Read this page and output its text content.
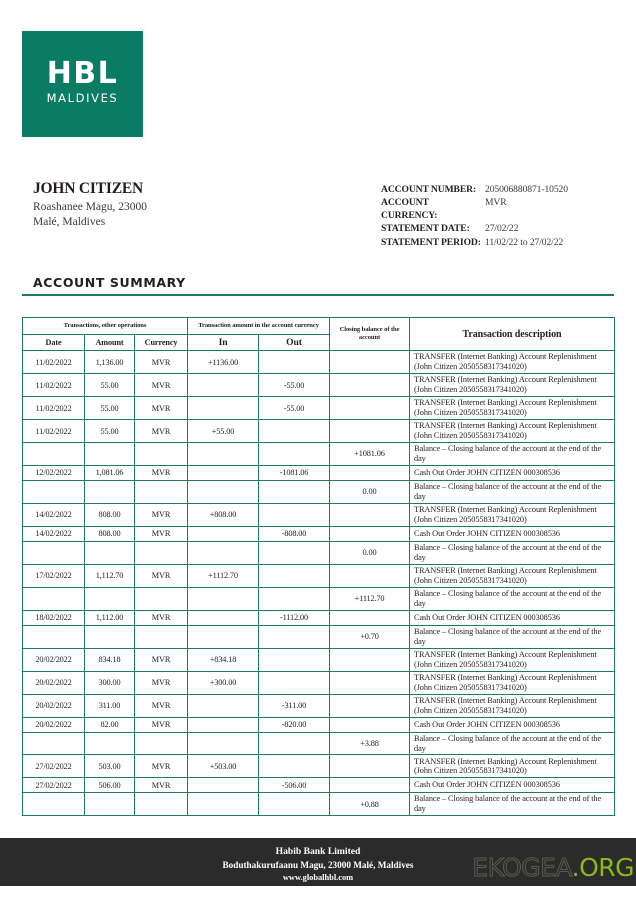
HBL
MALDIVES
JOHN CITIZEN
Roashanee Magu, 23000
Malé, Maldives
ACCOUNT NUMBER: 205006880871-10520
ACCOUNT CURRENCY:
MVR
STATEMENT DATE:	27/02/22
STATEMENT PERIOD: 11/02/22 to 27/02/22
ACCOUNT SUMMARY
Transactions, other operations			Transaction amount in the account currency		Closing balance of the account	Transaction description
Date	Amount	Currency	In	Out		
11/02/2022	1,136.00	MVR	+1136.00			TRANSFER (Internet Banking) Account Replenishment (John Citizen 2050558317341020)
11/02/2022	55.00	MVR		-55.00		TRANSFER (Internet Banking) Account Replenishment (John Citizen 2050558317341020)
11/02/2022	55.00	MVR		-55.00		TRANSFER (Internet Banking) Account Replenishment (John Citizen 2050558317341020)
11/02/2022	55.00	MVR	+55.00			TRANSFER (Internet Banking) Account Replenishment (John Citizen 2050558317341020)
					+1081.06	Balance – Closing balance of the account at the end of the day
12/02/2022	1,081.06	MVR		-1081.06		Cash Out Order JOHN CITIZEN 000308536
					0.00	Balance – Closing balance of the account at the end of the day
14/02/2022	808.00	MVR	+808.00			TRANSFER (Internet Banking) Account Replenishment (John Citizen 2050558317341020)
14/02/2022	808.00	MVR		-808.00		Cash Out Order JOHN CITIZEN 000308536
					0.00	Balance – Closing balance of the account at the end of the day
17/02/2022	1,112.70	MVR	+1112.70			TRANSFER (Internet Banking) Account Replenishment (John Citizen 2050558317341020)
					+1112.70	Balance – Closing balance of the account at the end of the day
18/02/2022	1,112.00	MVR		-1112.00		Cash Out Order JOHN CITIZEN 000308536
					+0.70	Balance – Closing balance of the account at the end of the day
20/02/2022	834.18	MVR	+834.18			TRANSFER (Internet Banking) Account Replenishment (John Citizen 2050558317341020)
20/02/2022	300.00	MVR	+300.00			TRANSFER (Internet Banking) Account Replenishment (John Citizen 2050558317341020)
20/02/2022	311.00	MVR		-311.00		TRANSFER (Internet Banking) Account Replenishment (John Citizen 2050558317341020)
20/02/2022	82.00	MVR		-820.00		Cash Out Order JOHN CITIZEN 000308536
					+3.88	Balance – Closing balance of the account at the end of the day
27/02/2022	503.00	MVR	+503.00			TRANSFER (Internet Banking) Account Replenishment (John Citizen 2050558317341020)
27/02/2022	506.00	MVR		-506.00		Cash Out Order JOHN CITIZEN 000308536
					+0.88	Balance – Closing balance of the account at the end of the day
Habib Bank Limited
Boduthakurufaanu Magu, 23000 Malé, Maldives
www.globalhbl.com	EKOGEA.ORG
